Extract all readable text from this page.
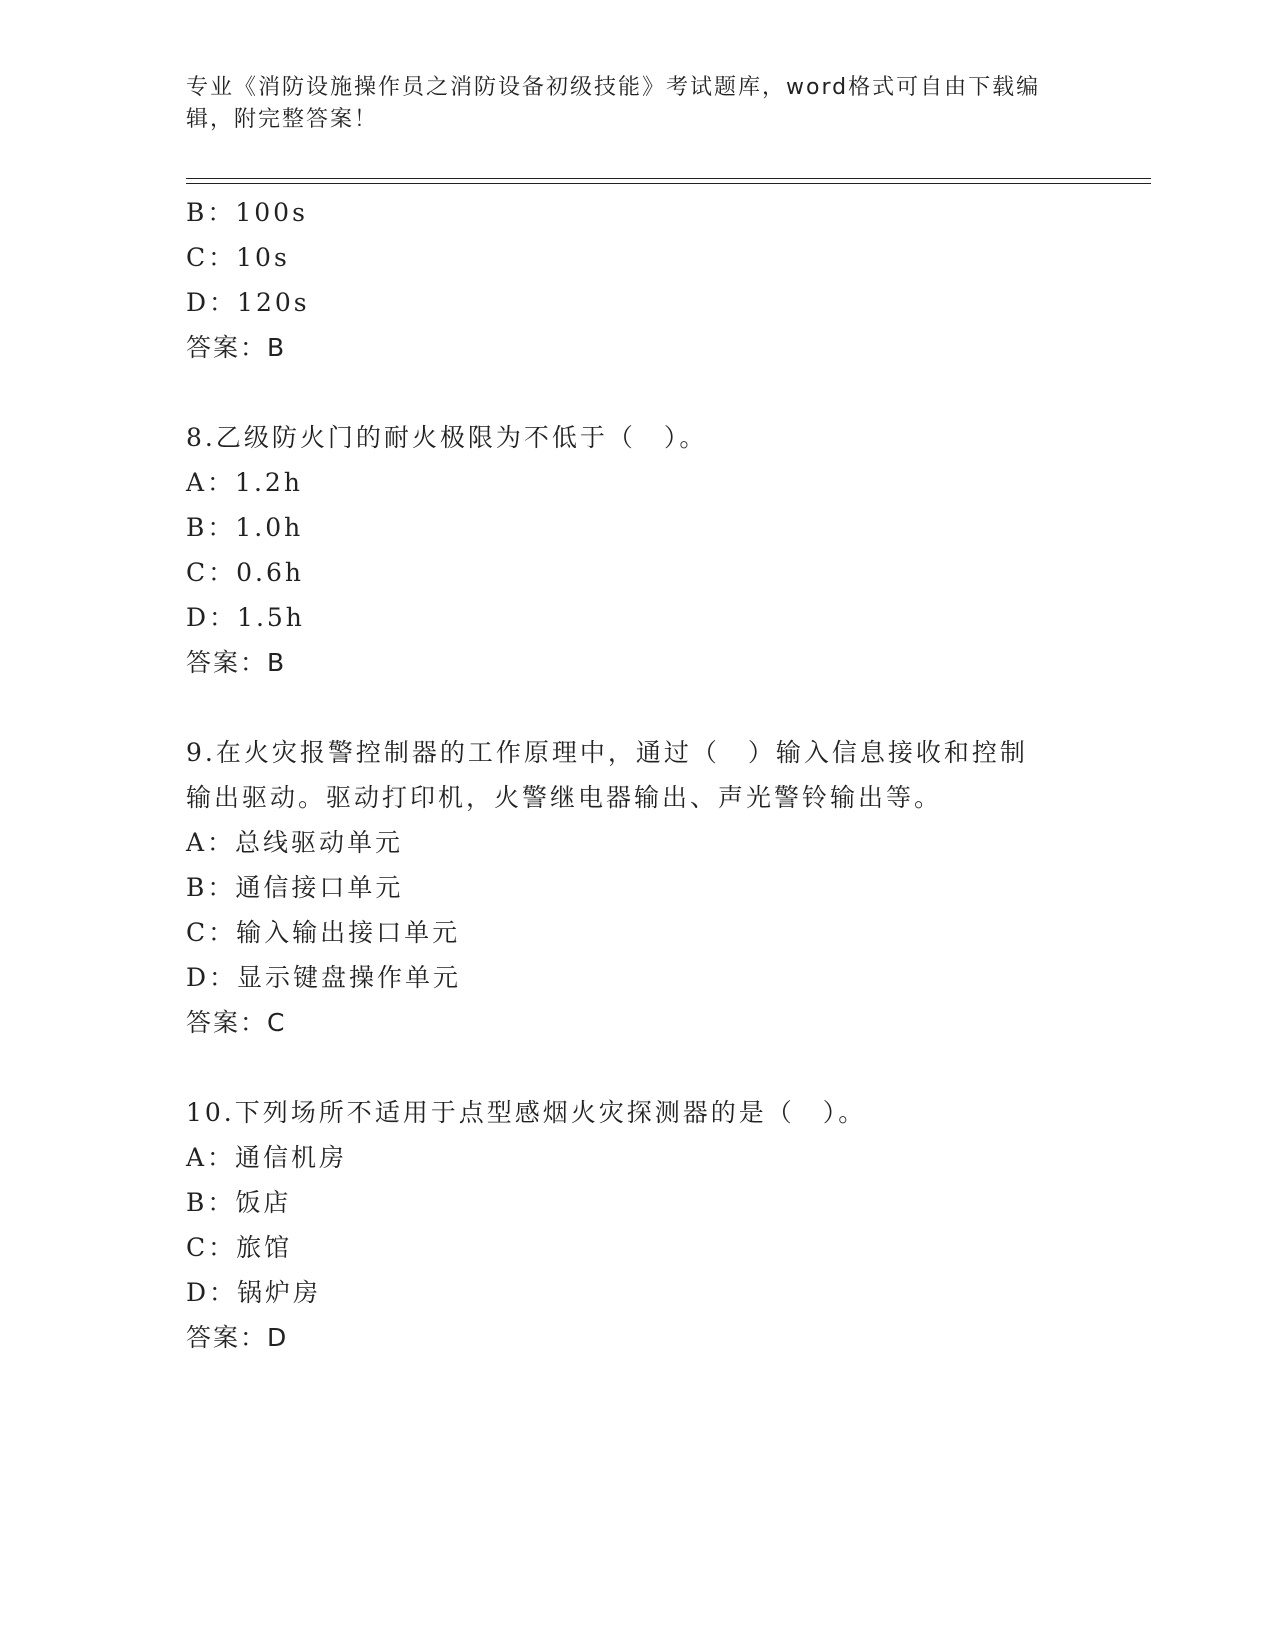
专业《消防设施操作员之消防设备初级技能》考试题库，word格式可自由下载编辑，附完整答案！
B：100s
C：10s
D：120s
答案：B
8.乙级防火门的耐火极限为不低于（　）。
A：1.2h
B：1.0h
C：0.6h
D：1.5h
答案：B
9.在火灾报警控制器的工作原理中，通过（　）输入信息接收和控制
输出驱动。驱动打印机，火警继电器输出、声光警铃输出等。
A：总线驱动单元
B：通信接口单元
C：输入输出接口单元
D：显示键盘操作单元
答案：C
10.下列场所不适用于点型感烟火灾探测器的是（　）。
A：通信机房
B：饭店
C：旅馆
D：锅炉房
答案：D
